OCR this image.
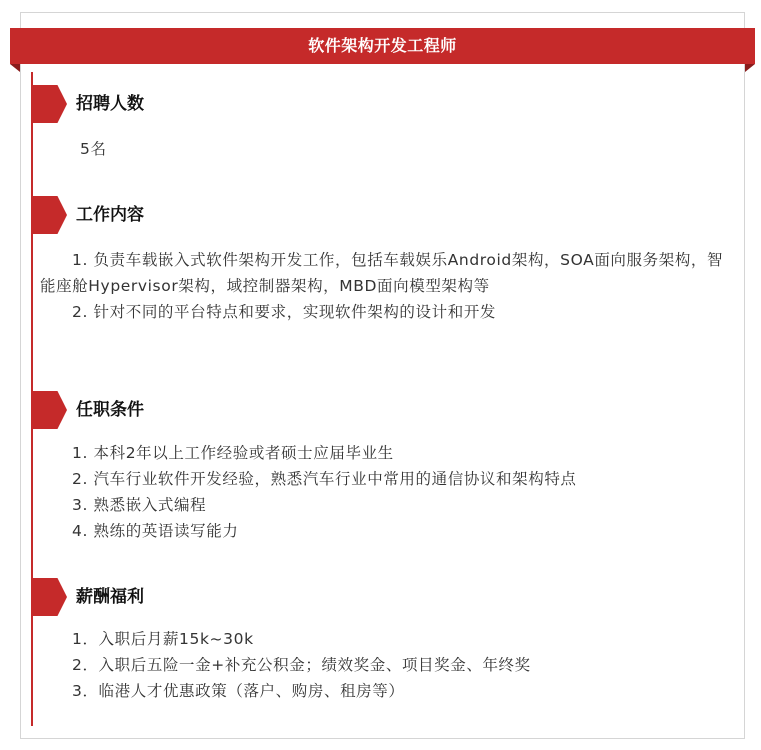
软件架构开发工程师
招聘人数
5名
工作内容

1. 负责车载嵌入式软件架构开发工作，包括车载娱乐Android架构，SOA面向服务架构，智能座舱Hypervisor架构，域控制器架构，MBD面向模型架构等

2. 针对不同的平台特点和要求，实现软件架构的设计和开发

任职条件
1. 本科2年以上工作经验或者硕士应届毕业生
2. 汽车行业软件开发经验，熟悉汽车行业中常用的通信协议和架构特点
3. 熟悉嵌入式编程
4. 熟练的英语读写能力
薪酬福利
1．入职后月薪15k~30k
2．入职后五险一金+补充公积金；绩效奖金、项目奖金、年终奖
3．临港人才优惠政策（落户、购房、租房等）
